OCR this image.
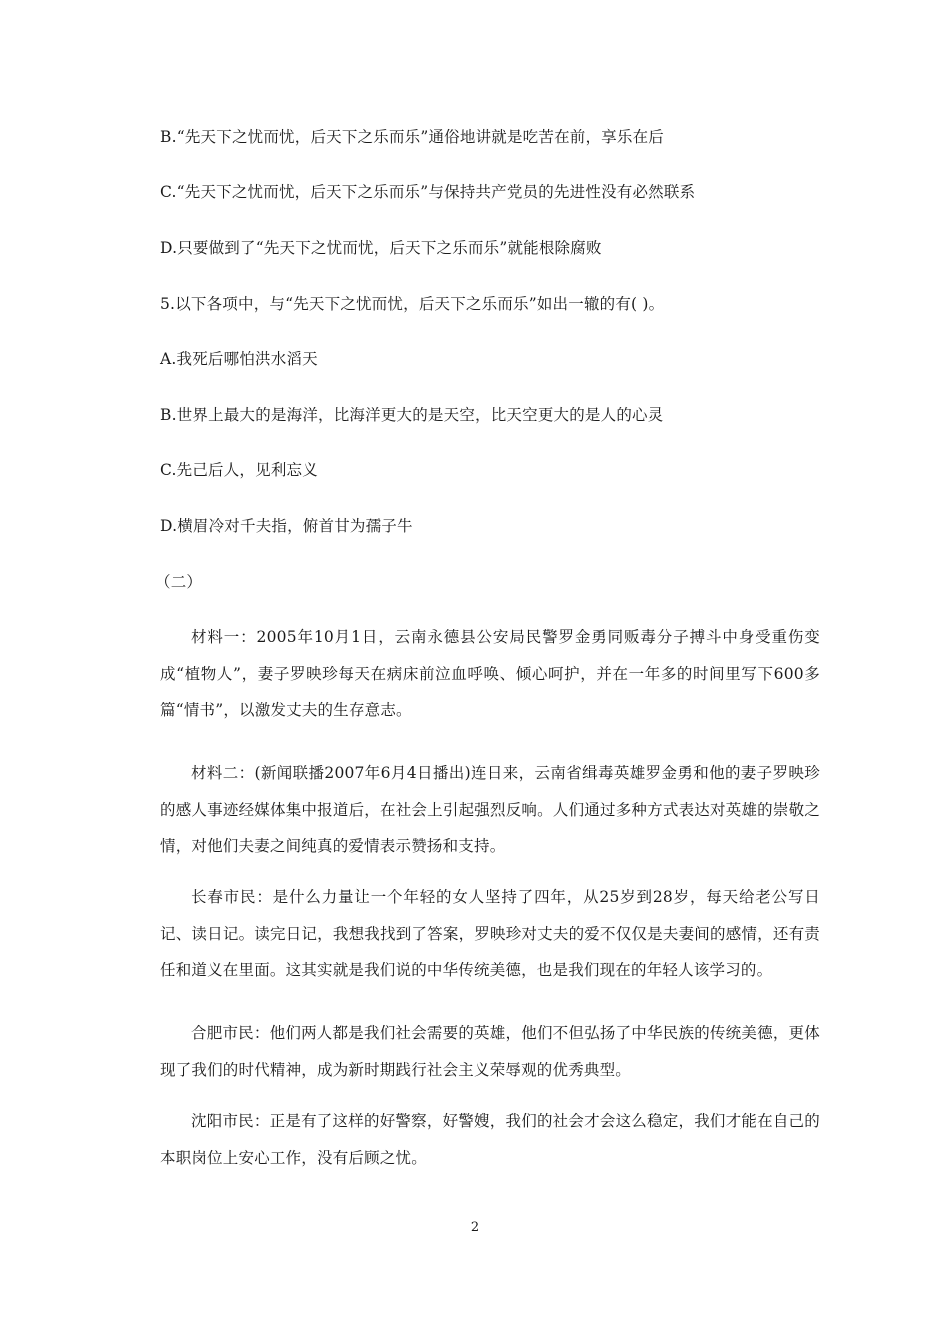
B.“先天下之忧而忧，后天下之乐而乐”通俗地讲就是吃苦在前，享乐在后
C.“先天下之忧而忧，后天下之乐而乐”与保持共产党员的先进性没有必然联系
D.只要做到了“先天下之忧而忧，后天下之乐而乐”就能根除腐败
5.以下各项中，与“先天下之忧而忧，后天下之乐而乐”如出一辙的有( )。
A.我死后哪怕洪水滔天
B.世界上最大的是海洋，比海洋更大的是天空，比天空更大的是人的心灵
C.先己后人，见利忘义
D.横眉冷对千夫指，俯首甘为孺子牛
（二）
材料一：2005年10月1日，云南永德县公安局民警罗金勇同贩毒分子搏斗中身受重伤变成“植物人”，妻子罗映珍每天在病床前泣血呼唤、倾心呵护，并在一年多的时间里写下600多篇“情书”，以激发丈夫的生存意志。
材料二：(新闻联播2007年6月4日播出)连日来，云南省缉毒英雄罗金勇和他的妻子罗映珍的感人事迹经媒体集中报道后，在社会上引起强烈反响。人们通过多种方式表达对英雄的崇敬之情，对他们夫妻之间纯真的爱情表示赞扬和支持。
长春市民：是什么力量让一个年轻的女人坚持了四年，从25岁到28岁，每天给老公写日记、读日记。读完日记，我想我找到了答案，罗映珍对丈夫的爱不仅仅是夫妻间的感情，还有责任和道义在里面。这其实就是我们说的中华传统美德，也是我们现在的年轻人该学习的。
合肥市民：他们两人都是我们社会需要的英雄，他们不但弘扬了中华民族的传统美德，更体现了我们的时代精神，成为新时期践行社会主义荣辱观的优秀典型。
沈阳市民：正是有了这样的好警察，好警嫂，我们的社会才会这么稳定，我们才能在自己的本职岗位上安心工作，没有后顾之忧。
2
